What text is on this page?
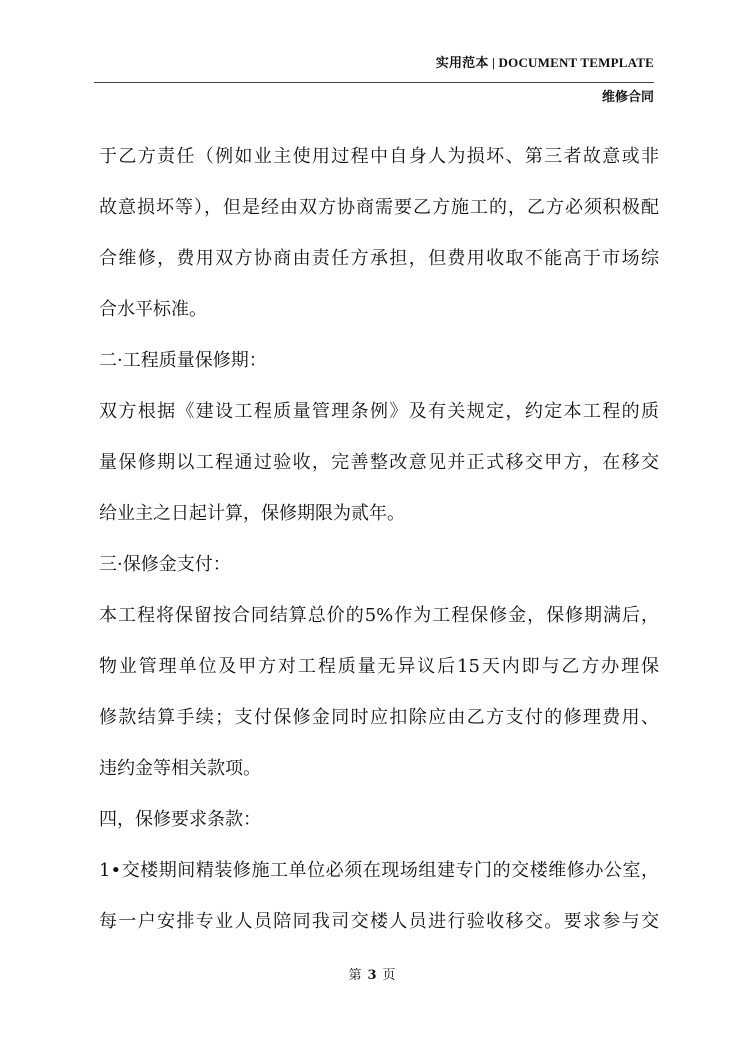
实用范本 | DOCUMENT TEMPLATE
维修合同
于乙方责任（例如业主使用过程中自身人为损坏、第三者故意或非
故意损坏等），但是经由双方协商需要乙方施工的，乙方必须积极配
合维修，费用双方协商由责任方承担，但费用收取不能高于市场综
合水平标准。
二·工程质量保修期：
双方根据《建设工程质量管理条例》及有关规定，约定本工程的质
量保修期以工程通过验收，完善整改意见并正式移交甲方，在移交
给业主之日起计算，保修期限为贰年。
三·保修金支付：
本工程将保留按合同结算总价的5%作为工程保修金，保修期满后，
物业管理单位及甲方对工程质量无异议后15天内即与乙方办理保
修款结算手续；支付保修金同时应扣除应由乙方支付的修理费用、
违约金等相关款项。
四，保修要求条款：
1•交楼期间精装修施工单位必须在现场组建专门的交楼维修办公室，
每一户安排专业人员陪同我司交楼人员进行验收移交。要求参与交
第 3 页
